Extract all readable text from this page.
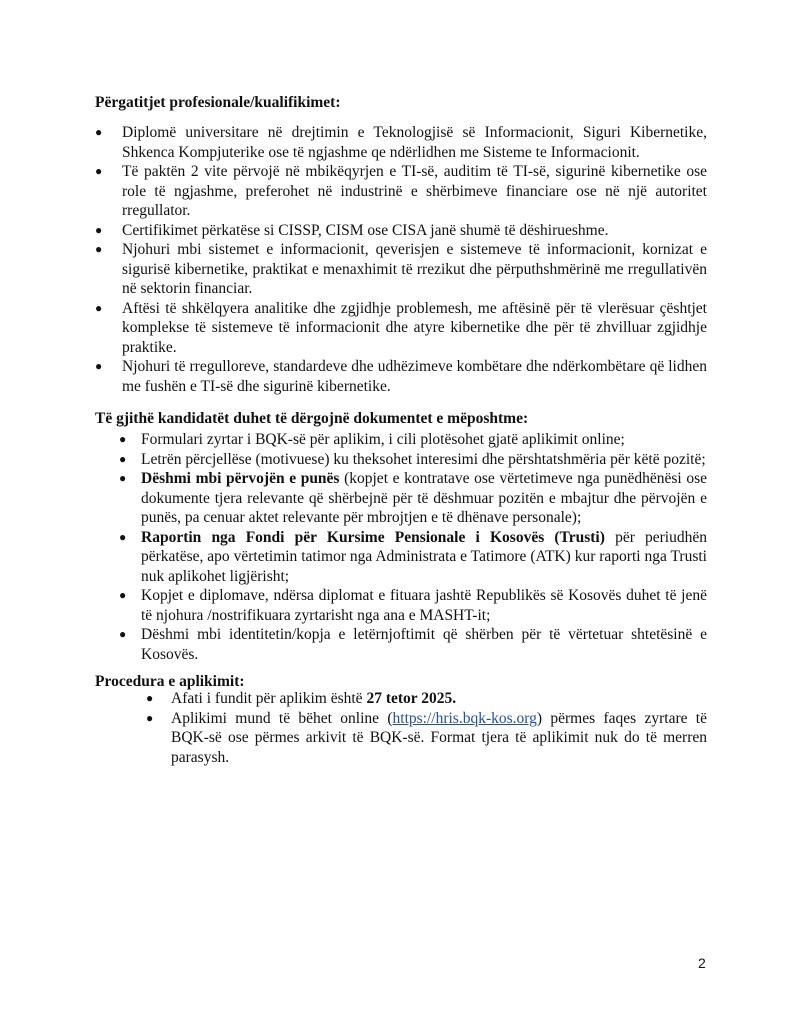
Përgatitjet profesionale/kualifikimet:
● Diplomë universitare në drejtimin e Teknologjisë së Informacionit, Siguri Kibernetike, Shkenca Kompjuterike ose të ngjashme qe ndërlidhen me Sisteme te Informacionit.
● Të paktën 2 vite përvojë në mbikëqyrjen e TI-së, auditim të TI-së, sigurinë kibernetike ose role të ngjashme, preferohet në industrinë e shërbimeve financiare ose në një autoritet rregullator.
● Certifikimet përkatëse si CISSP, CISM ose CISA janë shumë të dëshirueshme.
● Njohuri mbi sistemet e informacionit, qeverisjen e sistemeve të informacionit, kornizat e sigurisë kibernetike, praktikat e menaxhimit të rrezikut dhe përputhshmërinë me rregullativën në sektorin financiar.
● Aftësi të shkëlqyera analitike dhe zgjidhje problemesh, me aftësinë për të vlerësuar çështjet komplekse të sistemeve të informacionit dhe atyre kibernetike dhe për të zhvilluar zgjidhje praktike.
● Njohuri të rregulloreve, standardeve dhe udhëzimeve kombëtare dhe ndërkombëtare që lidhen me fushën e TI-së dhe sigurinë kibernetike.
Të gjithë kandidatët duhet të dërgojnë dokumentet e mëposhtme:
● Formulari zyrtar i BQK-së për aplikim, i cili plotësohet gjatë aplikimit online;
● Letrën përcjellëse (motivuese) ku theksohet interesimi dhe përshtatshmëria për këtë pozitë;
● Dëshmi mbi përvojën e punës (kopjet e kontratave ose vërtetimeve nga punëdhënësi ose dokumente tjera relevante që shërbejnë për të dëshmuar pozitën e mbajtur dhe përvojën e punës, pa cenuar aktet relevante për mbrojtjen e të dhënave personale);
● Raportin nga Fondi për Kursime Pensionale i Kosovës (Trusti) për periudhën përkatëse, apo vërtetimin tatimor nga Administrata e Tatimore (ATK) kur raporti nga Trusti nuk aplikohet ligjërisht;
● Kopjet e diplomave, ndërsa diplomat e fituara jashtë Republikës së Kosovës duhet të jenë të njohura /nostrifikuara zyrtarisht nga ana e MASHT-it;
● Dëshmi mbi identitetin/kopja e letërnjoftimit që shërben për të vërtetuar shtetësinë e Kosovës.
Procedura e aplikimit:
● Afati i fundit për aplikim është 27 tetor 2025.
● Aplikimi mund të bëhet online (https://hris.bqk-kos.org) përmes faqes zyrtare të BQK-së ose përmes arkivit të BQK-së. Format tjera të aplikimit nuk do të merren parasysh.
2
